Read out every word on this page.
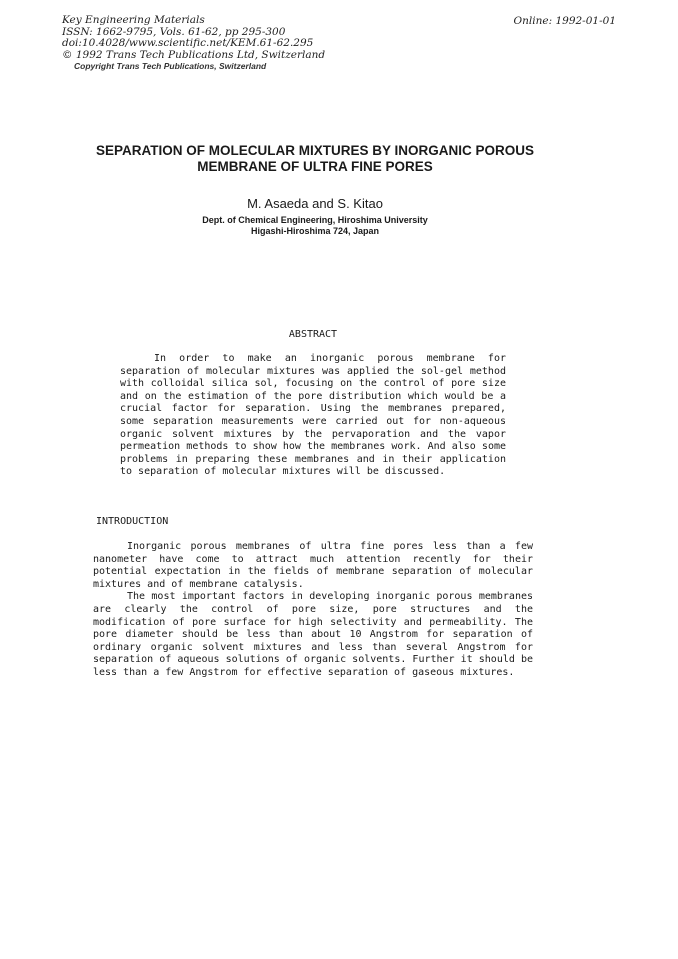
Key Engineering Materials
ISSN: 1662-9795, Vols. 61-62, pp 295-300
doi:10.4028/www.scientific.net/KEM.61-62.295
© 1992 Trans Tech Publications Ltd, Switzerland
Copyright Trans Tech Publications, Switzerland
Online: 1992-01-01
SEPARATION OF MOLECULAR MIXTURES BY INORGANIC POROUS MEMBRANE OF ULTRA FINE PORES
M. Asaeda and S. Kitao
Dept. of Chemical Engineering, Hiroshima University
Higashi-Hiroshima 724, Japan
ABSTRACT

In order to make an inorganic porous membrane for separation of molecular mixtures was applied the sol-gel method with colloidal silica sol, focusing on the control of pore size and on the estimation of the pore distribution which would be a crucial factor for separation. Using the membranes prepared, some separation measurements were carried out for non-aqueous organic solvent mixtures by the pervaporation and the vapor permeation methods to show how the membranes work. And also some problems in preparing these membranes and in their application to separation of molecular mixtures will be discussed.

INTRODUCTION

Inorganic porous membranes of ultra fine pores less than a few nanometer have come to attract much attention recently for their potential expectation in the fields of membrane separation of molecular mixtures and of membrane catalysis.

The most important factors in developing inorganic porous membranes are clearly the control of pore size, pore structures and the modification of pore surface for high selectivity and permeability. The pore diameter should be less than about 10 Angstrom for separation of ordinary organic solvent mixtures and less than several Angstrom for separation of aqueous solutions of organic solvents. Further it should be less than a few Angstrom for effective separation of gaseous mixtures.
